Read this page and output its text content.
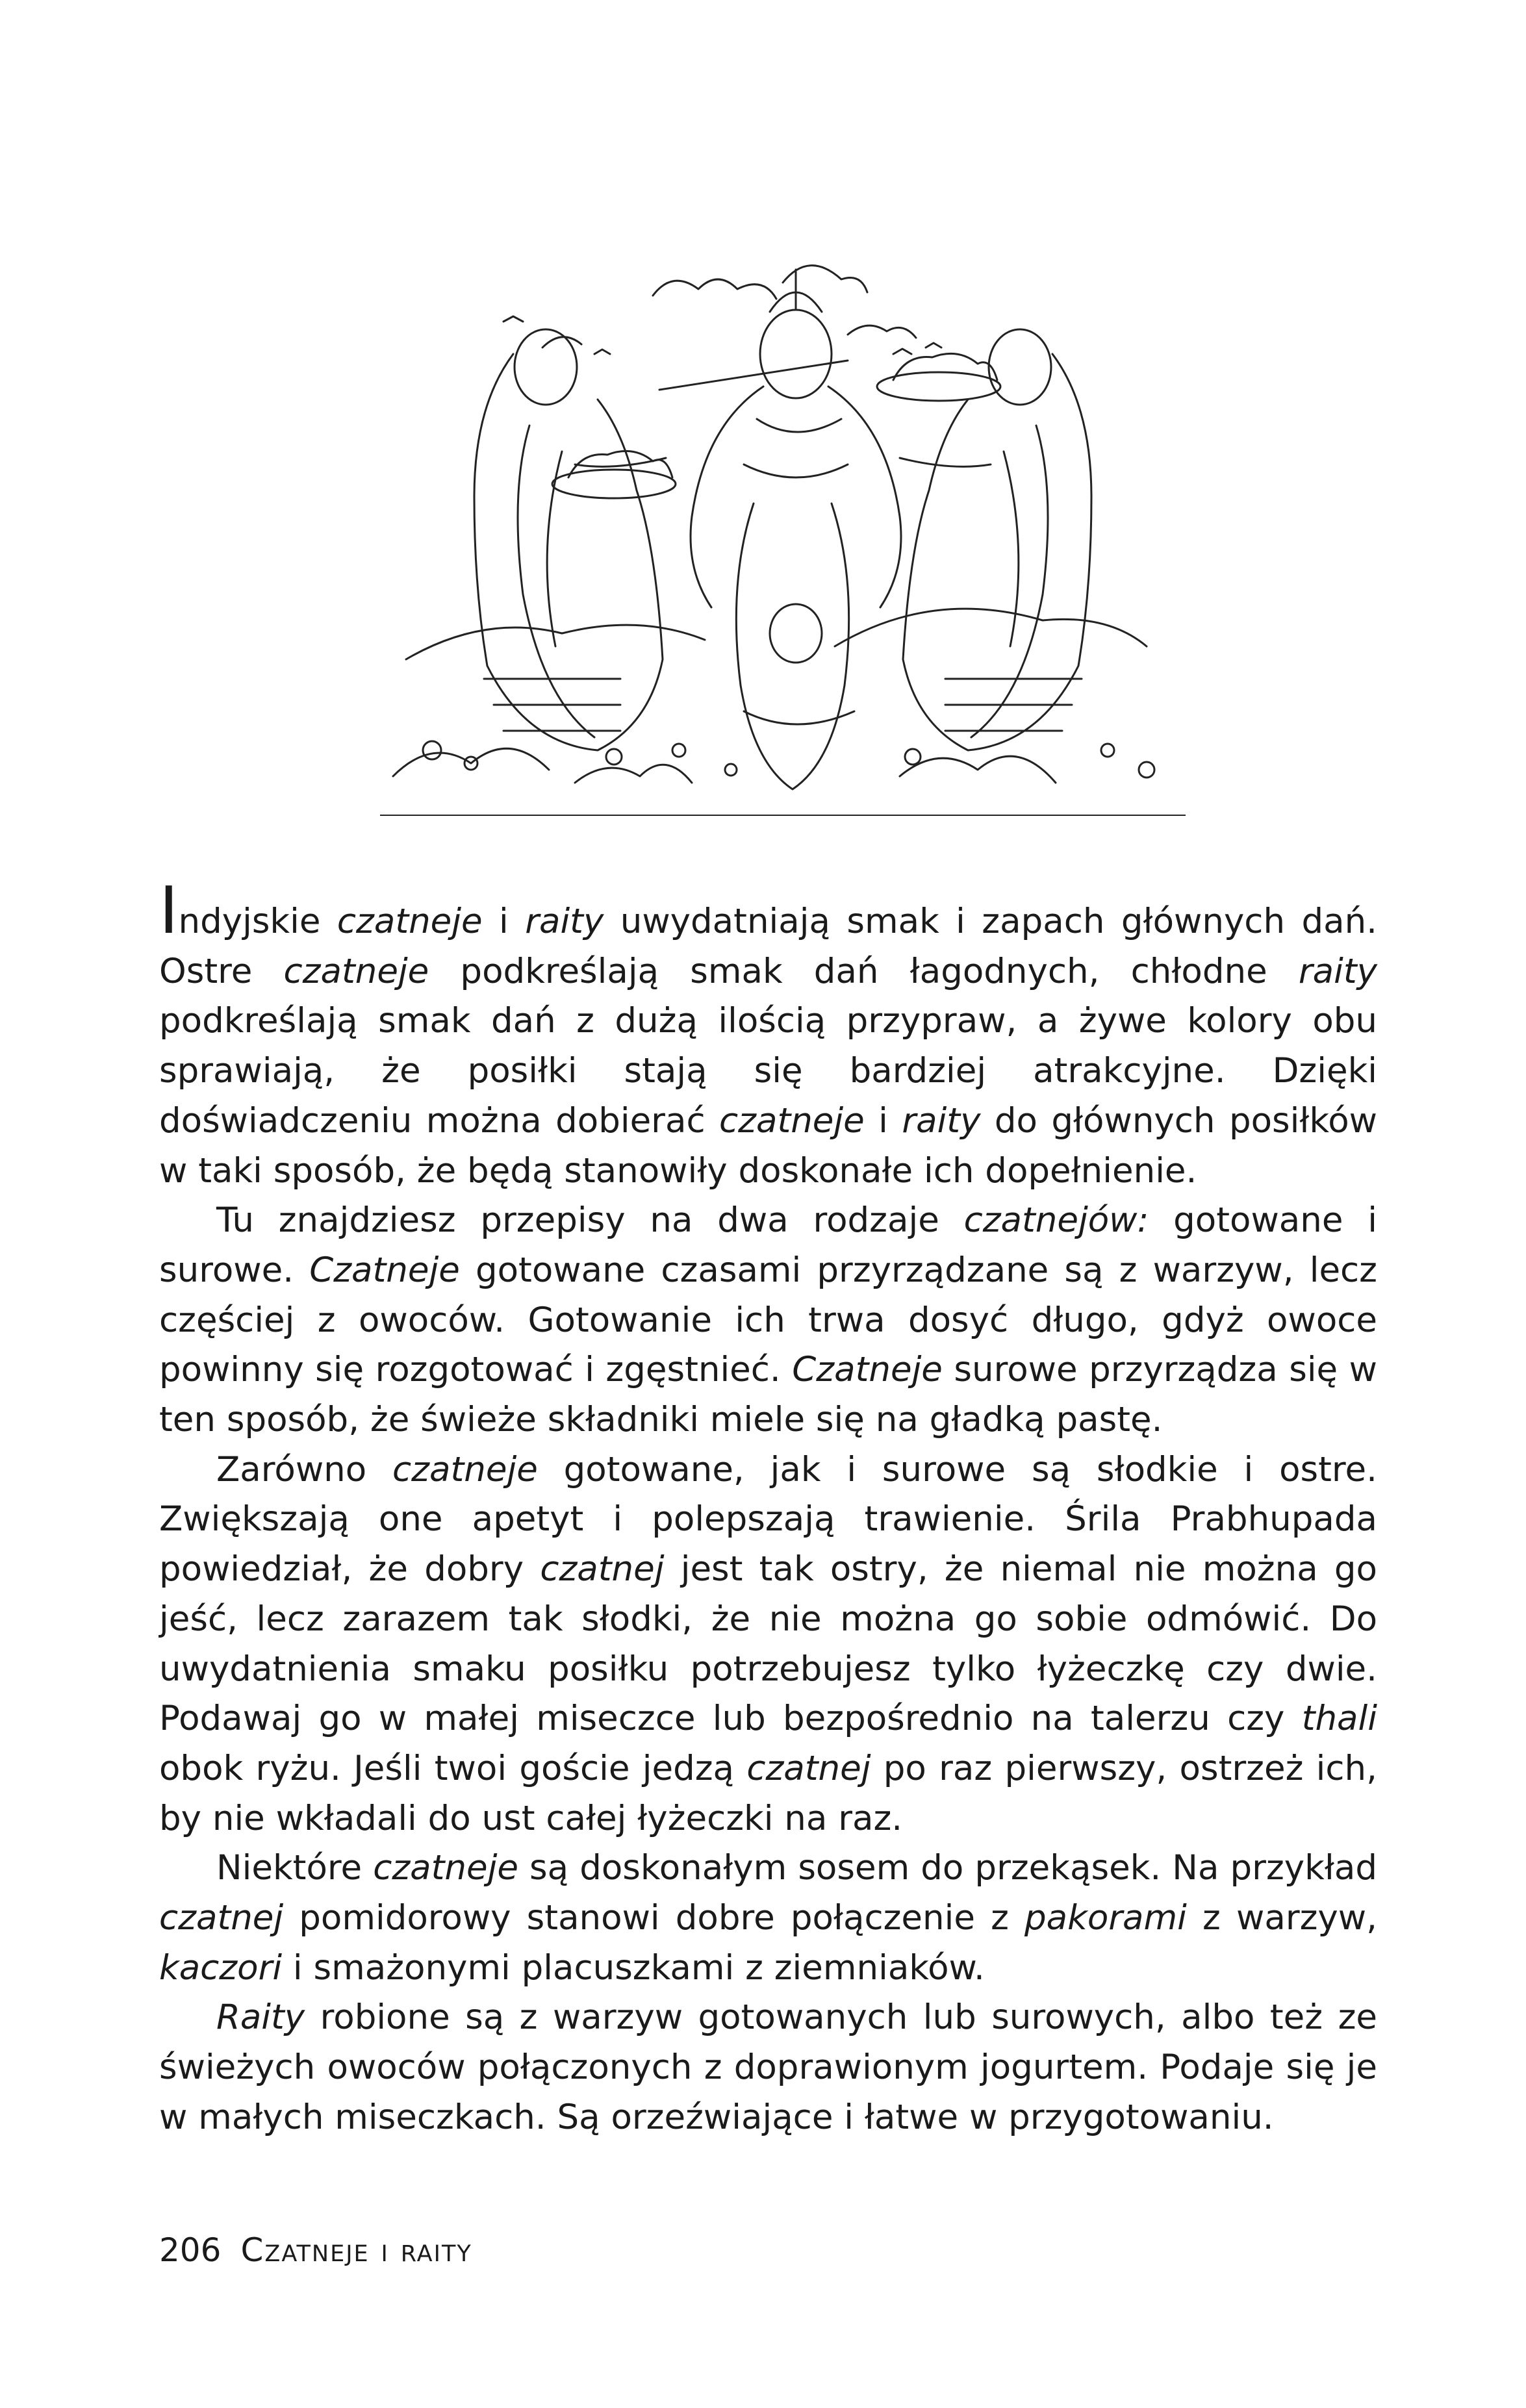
Indyjskie czatneje i raity uwydatniają smak i zapach głównych dań. Ostre czatneje podkreślają smak dań łagodnych, chłodne raity podkreślają smak dań z dużą ilością przypraw, a żywe kolory obu sprawiają, że posiłki stają się bardziej atrakcyjne. Dzięki doświadczeniu można dobierać czatneje i raity do głównych posiłków w taki sposób, że będą stanowiły doskonałe ich dopełnienie.

Tu znajdziesz przepisy na dwa rodzaje czatnejów: gotowane i surowe. Czatneje gotowane czasami przyrządzane są z warzyw, lecz częściej z owoców. Gotowanie ich trwa dosyć długo, gdyż owoce powinny się rozgotować i zgęstnieć. Czatneje surowe przyrządza się w ten sposób, że świeże składniki miele się na gładką pastę.

Zarówno czatneje gotowane, jak i surowe są słodkie i ostre. Zwiększają one apetyt i polepszają trawienie. Śrila Prabhupada powiedział, że dobry czatnej jest tak ostry, że niemal nie można go jeść, lecz zarazem tak słodki, że nie można go sobie odmówić. Do uwydatnienia smaku posiłku potrzebujesz tylko łyżeczkę czy dwie. Podawaj go w małej miseczce lub bezpośrednio na talerzu czy thali obok ryżu. Jeśli twoi goście jedzą czatnej po raz pierwszy, ostrzeż ich, by nie wkładali do ust całej łyżeczki na raz.

Niektóre czatneje są doskonałym sosem do przekąsek. Na przykład czatnej pomidorowy stanowi dobre połączenie z pakorami z warzyw, kaczori i smażonymi placuszkami z ziemniaków.

Raity robione są z warzyw gotowanych lub surowych, albo też ze świeżych owoców połączonych z doprawionym jogurtem. Podaje się je w małych miseczkach. Są orzeźwiające i łatwe w przygotowaniu.

206 Czatneje i raity
